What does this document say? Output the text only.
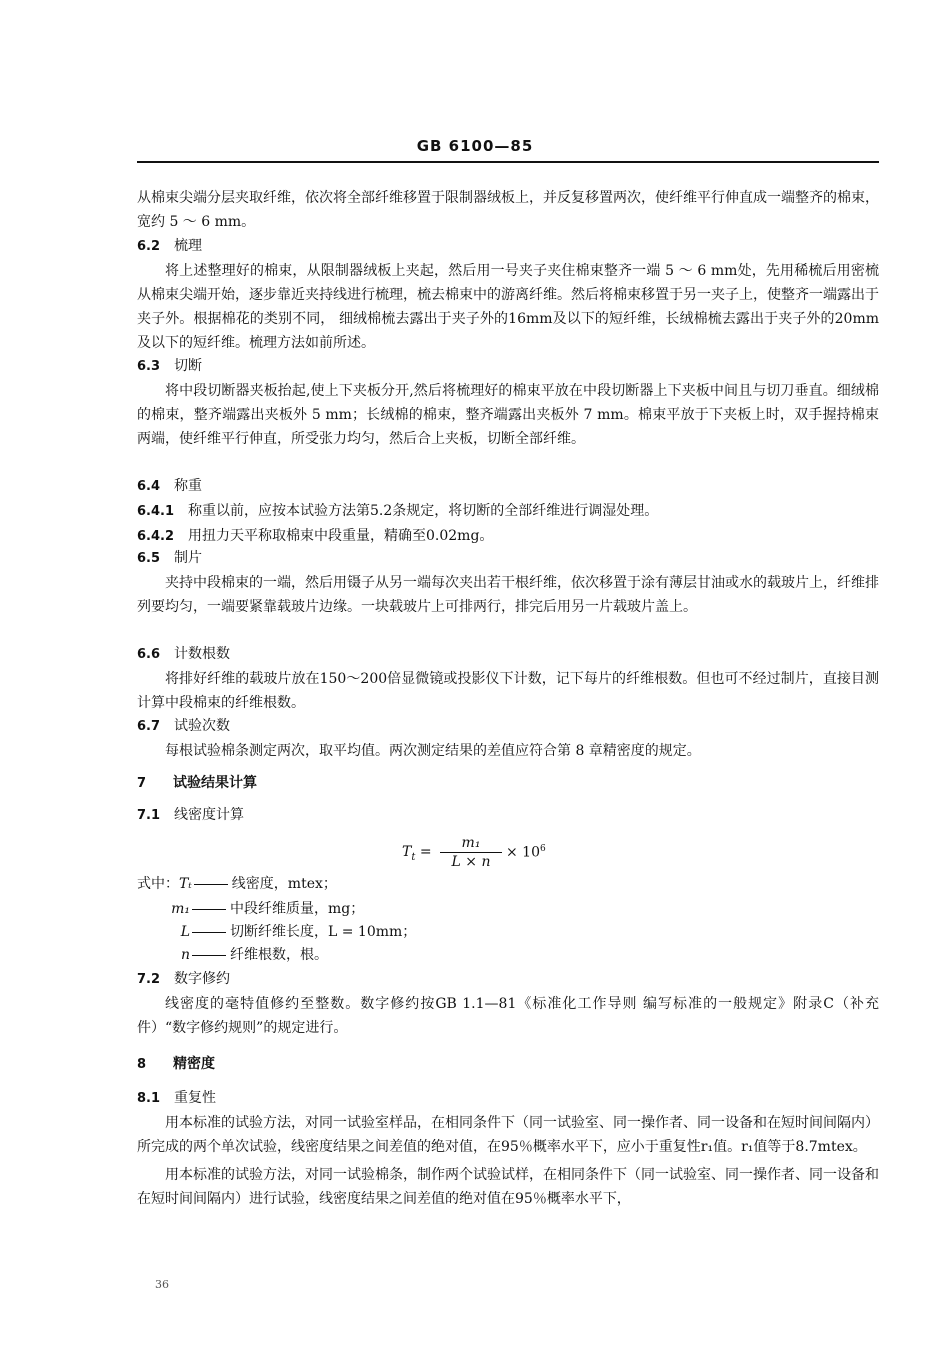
GB 6100—85

从棉束尖端分层夹取纤维，依次将全部纤维移置于限制器绒板上，并反复移置两次，使纤维平行伸直成一端整齐的棉束，宽约 5 ～ 6 mm。

6.2 梳理

将上述整理好的棉束，从限制器绒板上夹起，然后用一号夹子夹住棉束整齐一端 5 ～ 6 mm处，先用稀梳后用密梳从棉束尖端开始，逐步靠近夹持线进行梳理，梳去棉束中的游离纤维。然后将棉束移置于另一夹子上，使整齐一端露出于夹子外。根据棉花的类别不同， 细绒棉梳去露出于夹子外的16mm及以下的短纤维，长绒棉梳去露出于夹子外的20mm及以下的短纤维。梳理方法如前所述。

6.3 切断

将中段切断器夹板抬起,使上下夹板分开,然后将梳理好的棉束平放在中段切断器上下夹板中间且与切刀垂直。细绒棉的棉束，整齐端露出夹板外 5 mm；长绒棉的棉束，整齐端露出夹板外 7 mm。棉束平放于下夹板上时，双手握持棉束两端，使纤维平行伸直，所受张力均匀，然后合上夹板，切断全部纤维。

6.4 称重

6.4.1 称重以前，应按本试验方法第5.2条规定，将切断的全部纤维进行调湿处理。

6.4.2 用扭力天平称取棉束中段重量，精确至0.02mg。

6.5 制片

夹持中段棉束的一端，然后用镊子从另一端每次夹出若干根纤维，依次移置于涂有薄层甘油或水的载玻片上，纤维排列要均匀，一端要紧靠载玻片边缘。一块载玻片上可排两行，排完后用另一片载玻片盖上。

6.6 计数根数

将排好纤维的载玻片放在150～200倍显微镜或投影仪下计数，记下每片的纤维根数。但也可不经过制片，直接目测计算中段棉束的纤维根数。

6.7 试验次数

每根试验棉条测定两次，取平均值。两次测定结果的差值应符合第 8 章精密度的规定。

7 试验结果计算

7.1 线密度计算

$T_t$ =
m₁
L × n
× $10^6$
式中：Tₜ	线密度，mtex；
m₁	中段纤维质量，mg；
L	切断纤维长度，L = 10mm；
n	纤维根数，根。

7.2 数字修约

线密度的毫特值修约至整数。数字修约按GB 1.1—81《标准化工作导则 编写标准的一般规定》附录C（补充件）“数字修约规则”的规定进行。

8 精密度

8.1 重复性

用本标准的试验方法，对同一试验室样品，在相同条件下（同一试验室、同一操作者、同一设备和在短时间间隔内）所完成的两个单次试验，线密度结果之间差值的绝对值，在95％概率水平下，应小于重复性r₁值。r₁值等于8.7mtex。

用本标准的试验方法，对同一试验棉条，制作两个试验试样，在相同条件下（同一试验室、同一操作者、同一设备和在短时间间隔内）进行试验，线密度结果之间差值的绝对值在95％概率水平下，

36
